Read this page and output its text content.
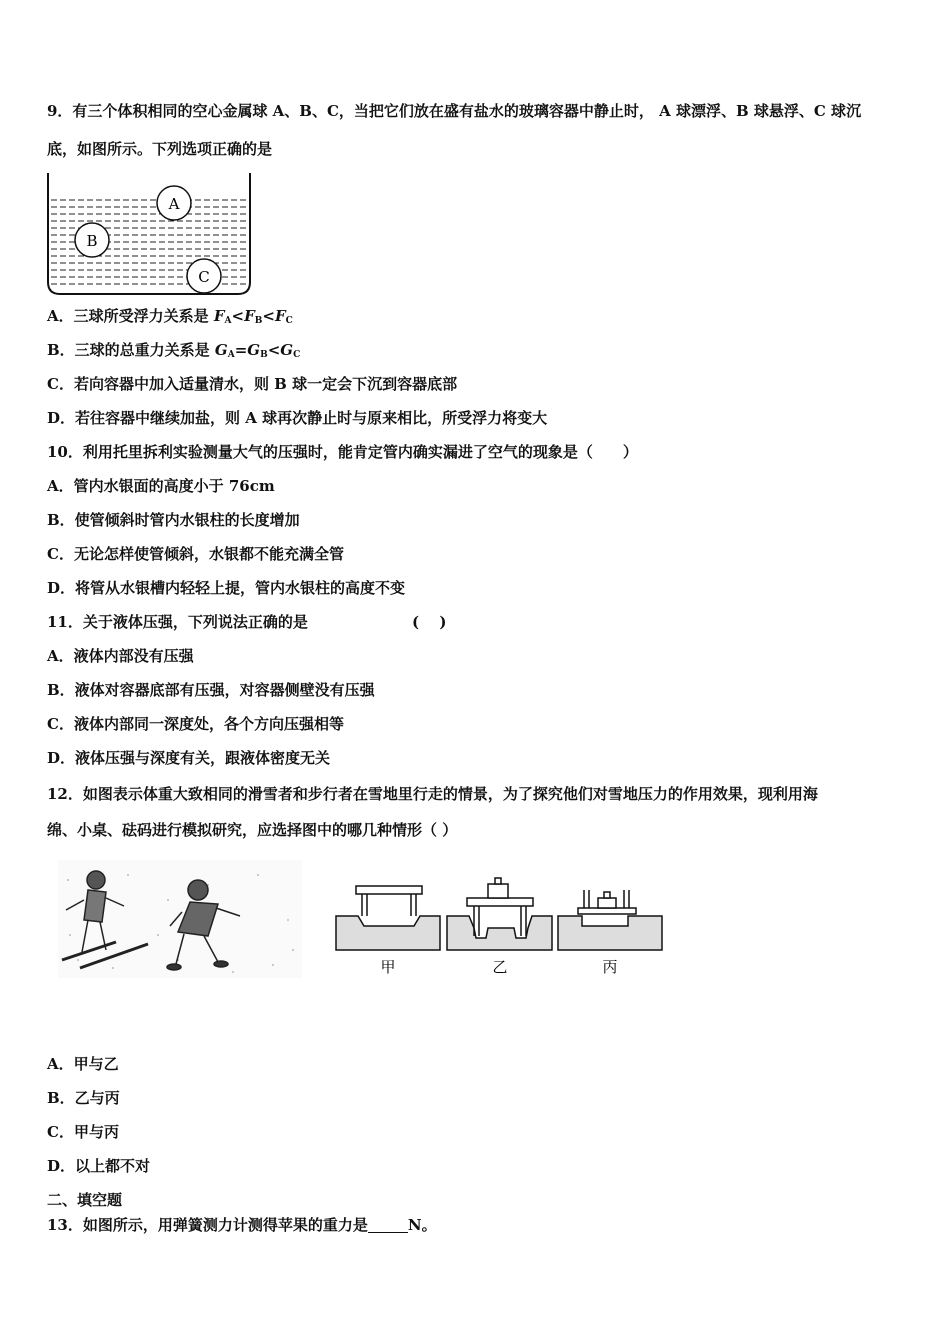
9．有三个体积相同的空心金属球 A、B、C，当把它们放在盛有盐水的玻璃容器中静止时， A 球漂浮、B 球悬浮、C 球沉
底，如图所示。下列选项正确的是
A
B
C
A．三球所受浮力关系是 $F_A<F_B<F_C$
B．三球的总重力关系是 $G_A=G_B<G_C$
C．若向容器中加入适量清水，则 B 球一定会下沉到容器底部
D．若往容器中继续加盐，则 A 球再次静止时与原来相比，所受浮力将变大
10．利用托里拆利实验测量大气的压强时，能肯定管内确实漏进了空气的现象是（　　）
A．管内水银面的高度小于 76cm
B．使管倾斜时管内水银柱的长度增加
C．无论怎样使管倾斜，水银都不能充满全管
D．将管从水银槽内轻轻上提，管内水银柱的高度不变
11．关于液体压强，下列说法正确的是	(　 )
A．液体内部没有压强
B．液体对容器底部有压强，对容器侧壁没有压强
C．液体内部同一深度处，各个方向压强相等
D．液体压强与深度有关，跟液体密度无关
12．如图表示体重大致相同的滑雪者和步行者在雪地里行走的情景，为了探究他们对雪地压力的作用效果，现利用海
绵、小桌、砝码进行模拟研究，应选择图中的哪几种情形（ ）
甲	乙	丙
A．甲与乙
B．乙与丙
C．甲与丙
D．以上都不对
二、填空题
13．如图所示，用弹簧测力计测得苹果的重力是	N。
